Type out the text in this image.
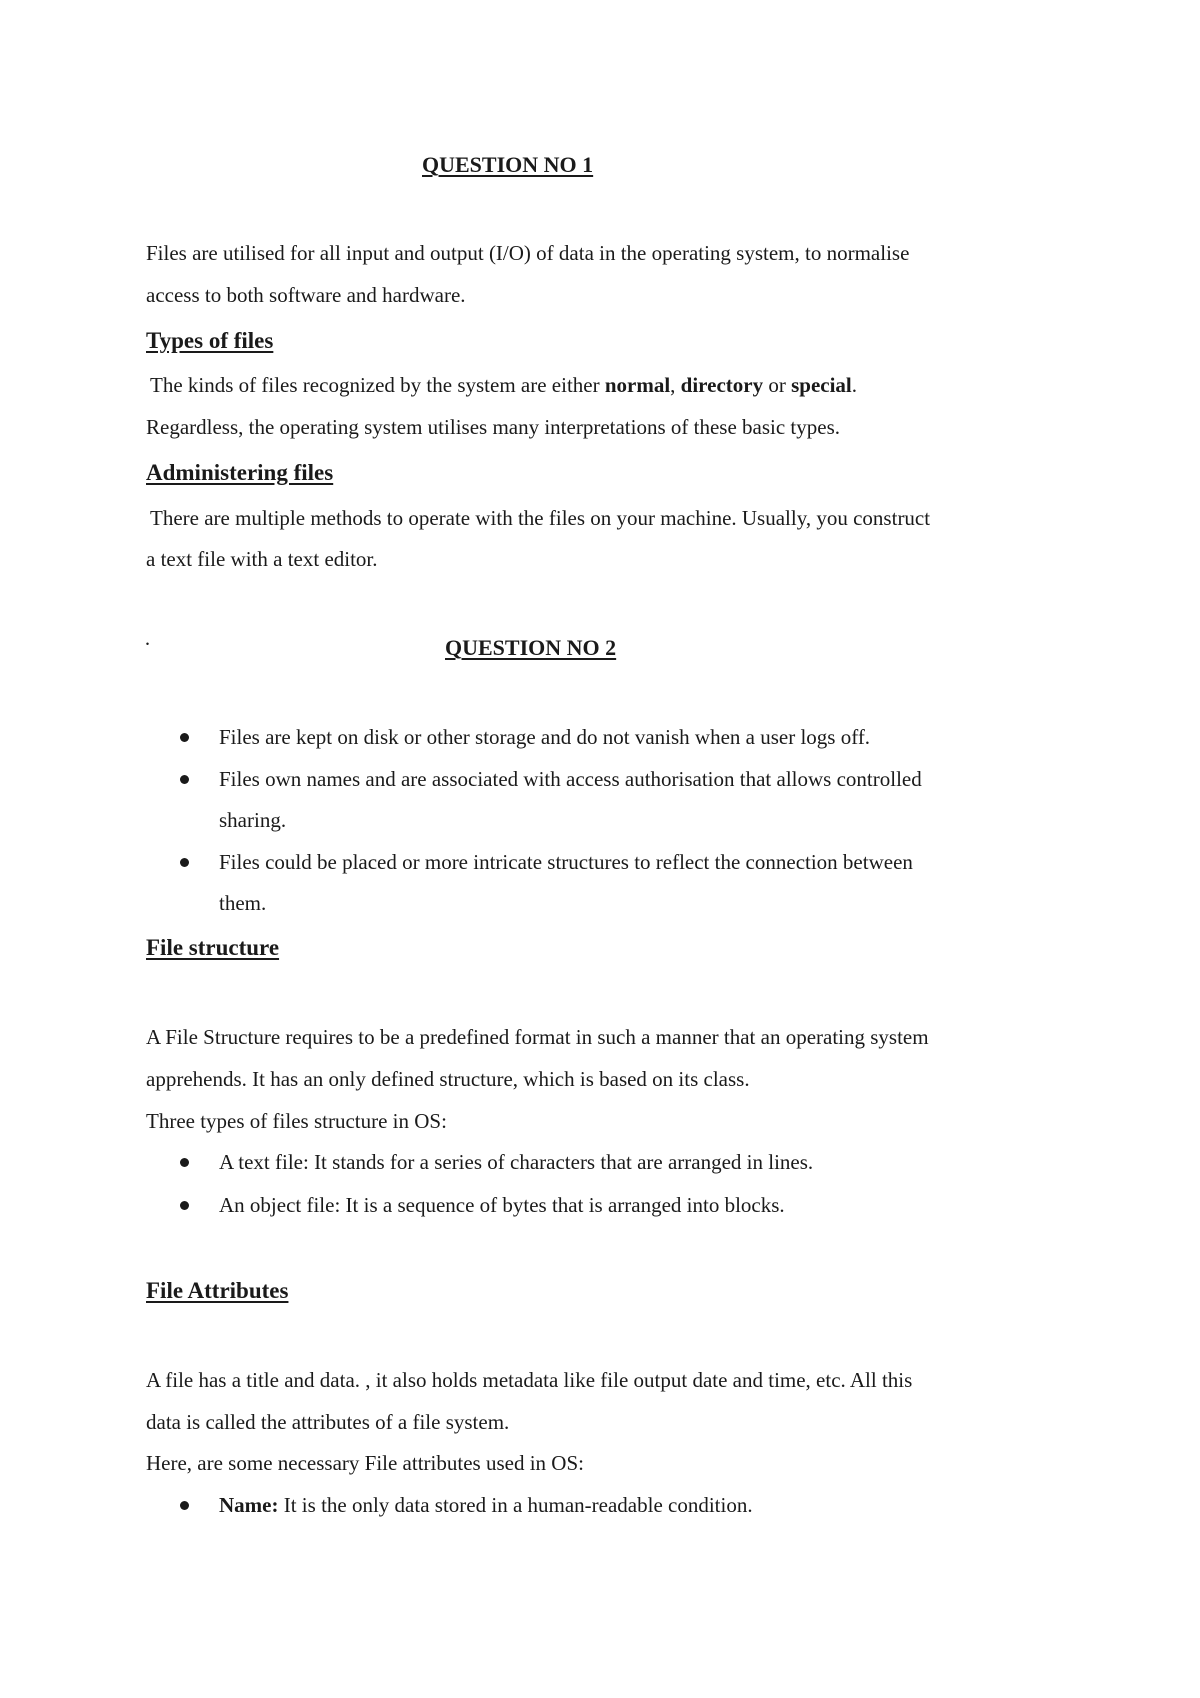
QUESTION NO 1

Files are utilised for all input and output (I/O) of data in the operating system, to normalise

access to both software and hardware.

Types of files

The kinds of files recognized by the system are either normal, directory or special.

Regardless, the operating system utilises many interpretations of these basic types.

Administering files

There are multiple methods to operate with the files on your machine. Usually, you construct

a text file with a text editor.

·	QUESTION NO 2

Files are kept on disk or other storage and do not vanish when a user logs off.
Files own names and are associated with access authorisation that allows controlled
sharing.
Files could be placed or more intricate structures to reflect the connection between
them.

File structure

A File Structure requires to be a predefined format in such a manner that an operating system

apprehends. It has an only defined structure, which is based on its class.

Three types of files structure in OS:

A text file: It stands for a series of characters that are arranged in lines.
An object file: It is a sequence of bytes that is arranged into blocks.

File Attributes

A file has a title and data. , it also holds metadata like file output date and time, etc. All this

data is called the attributes of a file system.

Here, are some necessary File attributes used in OS:

Name: It is the only data stored in a human-readable condition.
